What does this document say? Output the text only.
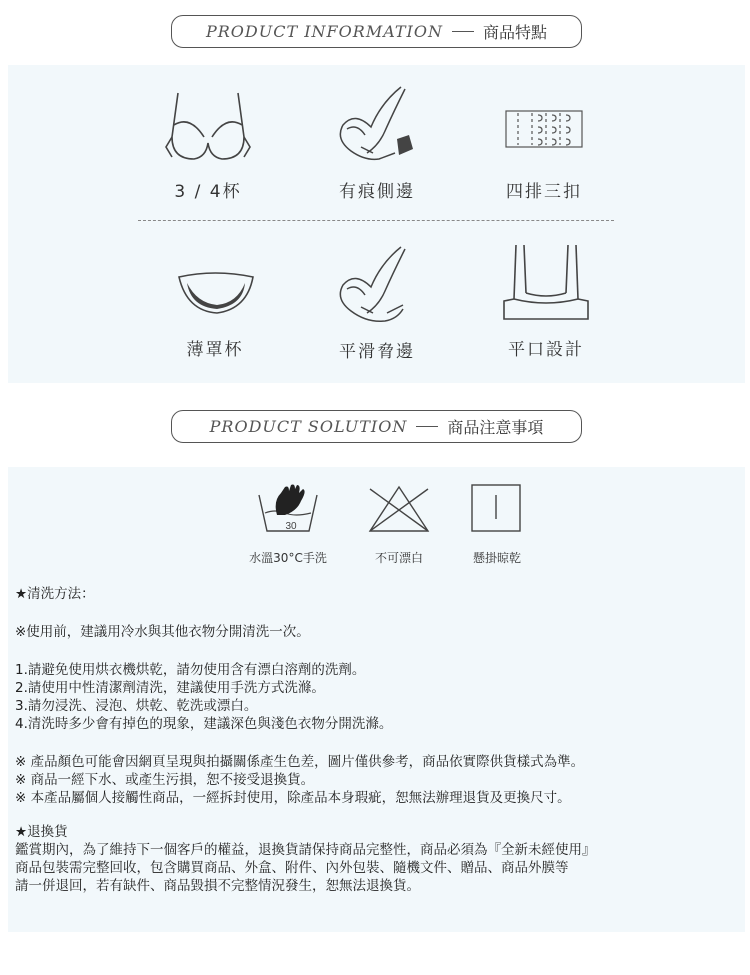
PRODUCT INFORMATION	商品特點
3 / 4杯	有痕側邊	四排三扣
薄罩杯	平滑脅邊	平口設計
PRODUCT SOLUTION	商品注意事項
30
水溫30°C手洗	不可漂白	懸掛晾乾
★清洗方法：
※使用前，建議用冷水與其他衣物分開清洗一次。
1.請避免使用烘衣機烘乾，請勿使用含有漂白溶劑的洗劑。
2.請使用中性清潔劑清洗，建議使用手洗方式洗滌。
3.請勿浸洗、浸泡、烘乾、乾洗或漂白。
4.清洗時多少會有掉色的現象，建議深色與淺色衣物分開洗滌。
※ 產品顏色可能會因網頁呈現與拍攝關係產生色差，圖片僅供參考，商品依實際供貨樣式為準。
※ 商品一經下水、或產生污損，恕不接受退換貨。
※ 本產品屬個人接觸性商品，一經拆封使用，除產品本身瑕疵，恕無法辦理退貨及更換尺寸。
★退換貨
鑑賞期內，為了維持下一個客戶的權益，退換貨請保持商品完整性，商品必須為『全新未經使用』
商品包裝需完整回收，包含購買商品、外盒、附件、內外包裝、隨機文件、贈品、商品外膜等
請一併退回，若有缺件、商品毀損不完整情況發生，恕無法退換貨。
